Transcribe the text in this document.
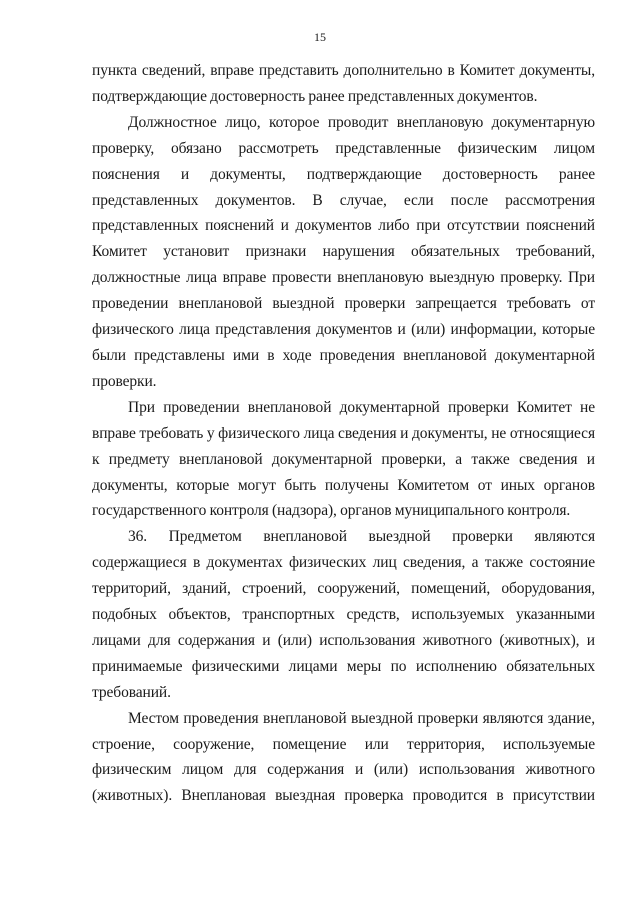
15

пункта сведений, вправе представить дополнительно в Комитет документы, подтверждающие достоверность ранее представленных документов.

Должностное лицо, которое проводит внеплановую документарную проверку, обязано рассмотреть представленные физическим лицом пояснения и документы, подтверждающие достоверность ранее представленных документов. В случае, если после рассмотрения представленных пояснений и документов либо при отсутствии пояснений Комитет установит признаки нарушения обязательных требований, должностные лица вправе провести внеплановую выездную проверку. При проведении внеплановой выездной проверки запрещается требовать от физического лица представления документов и (или) информации, которые были представлены ими в ходе проведения внеплановой документарной проверки.

При проведении внеплановой документарной проверки Комитет не вправе требовать у физического лица сведения и документы, не относящиеся к предмету внеплановой документарной проверки, а также сведения и документы, которые могут быть получены Комитетом от иных органов государственного контроля (надзора), органов муниципального контроля.

36. Предметом внеплановой выездной проверки являются содержащиеся в документах физических лиц сведения, а также состояние территорий, зданий, строений, сооружений, помещений, оборудования, подобных объектов, транспортных средств, используемых указанными лицами для содержания и (или) использования животного (животных), и принимаемые физическими лицами меры по исполнению обязательных требований.

Местом проведения внеплановой выездной проверки являются здание, строение, сооружение, помещение или территория, используемые физическим лицом для содержания и (или) использования животного (животных). Внеплановая выездная проверка проводится в присутствии
